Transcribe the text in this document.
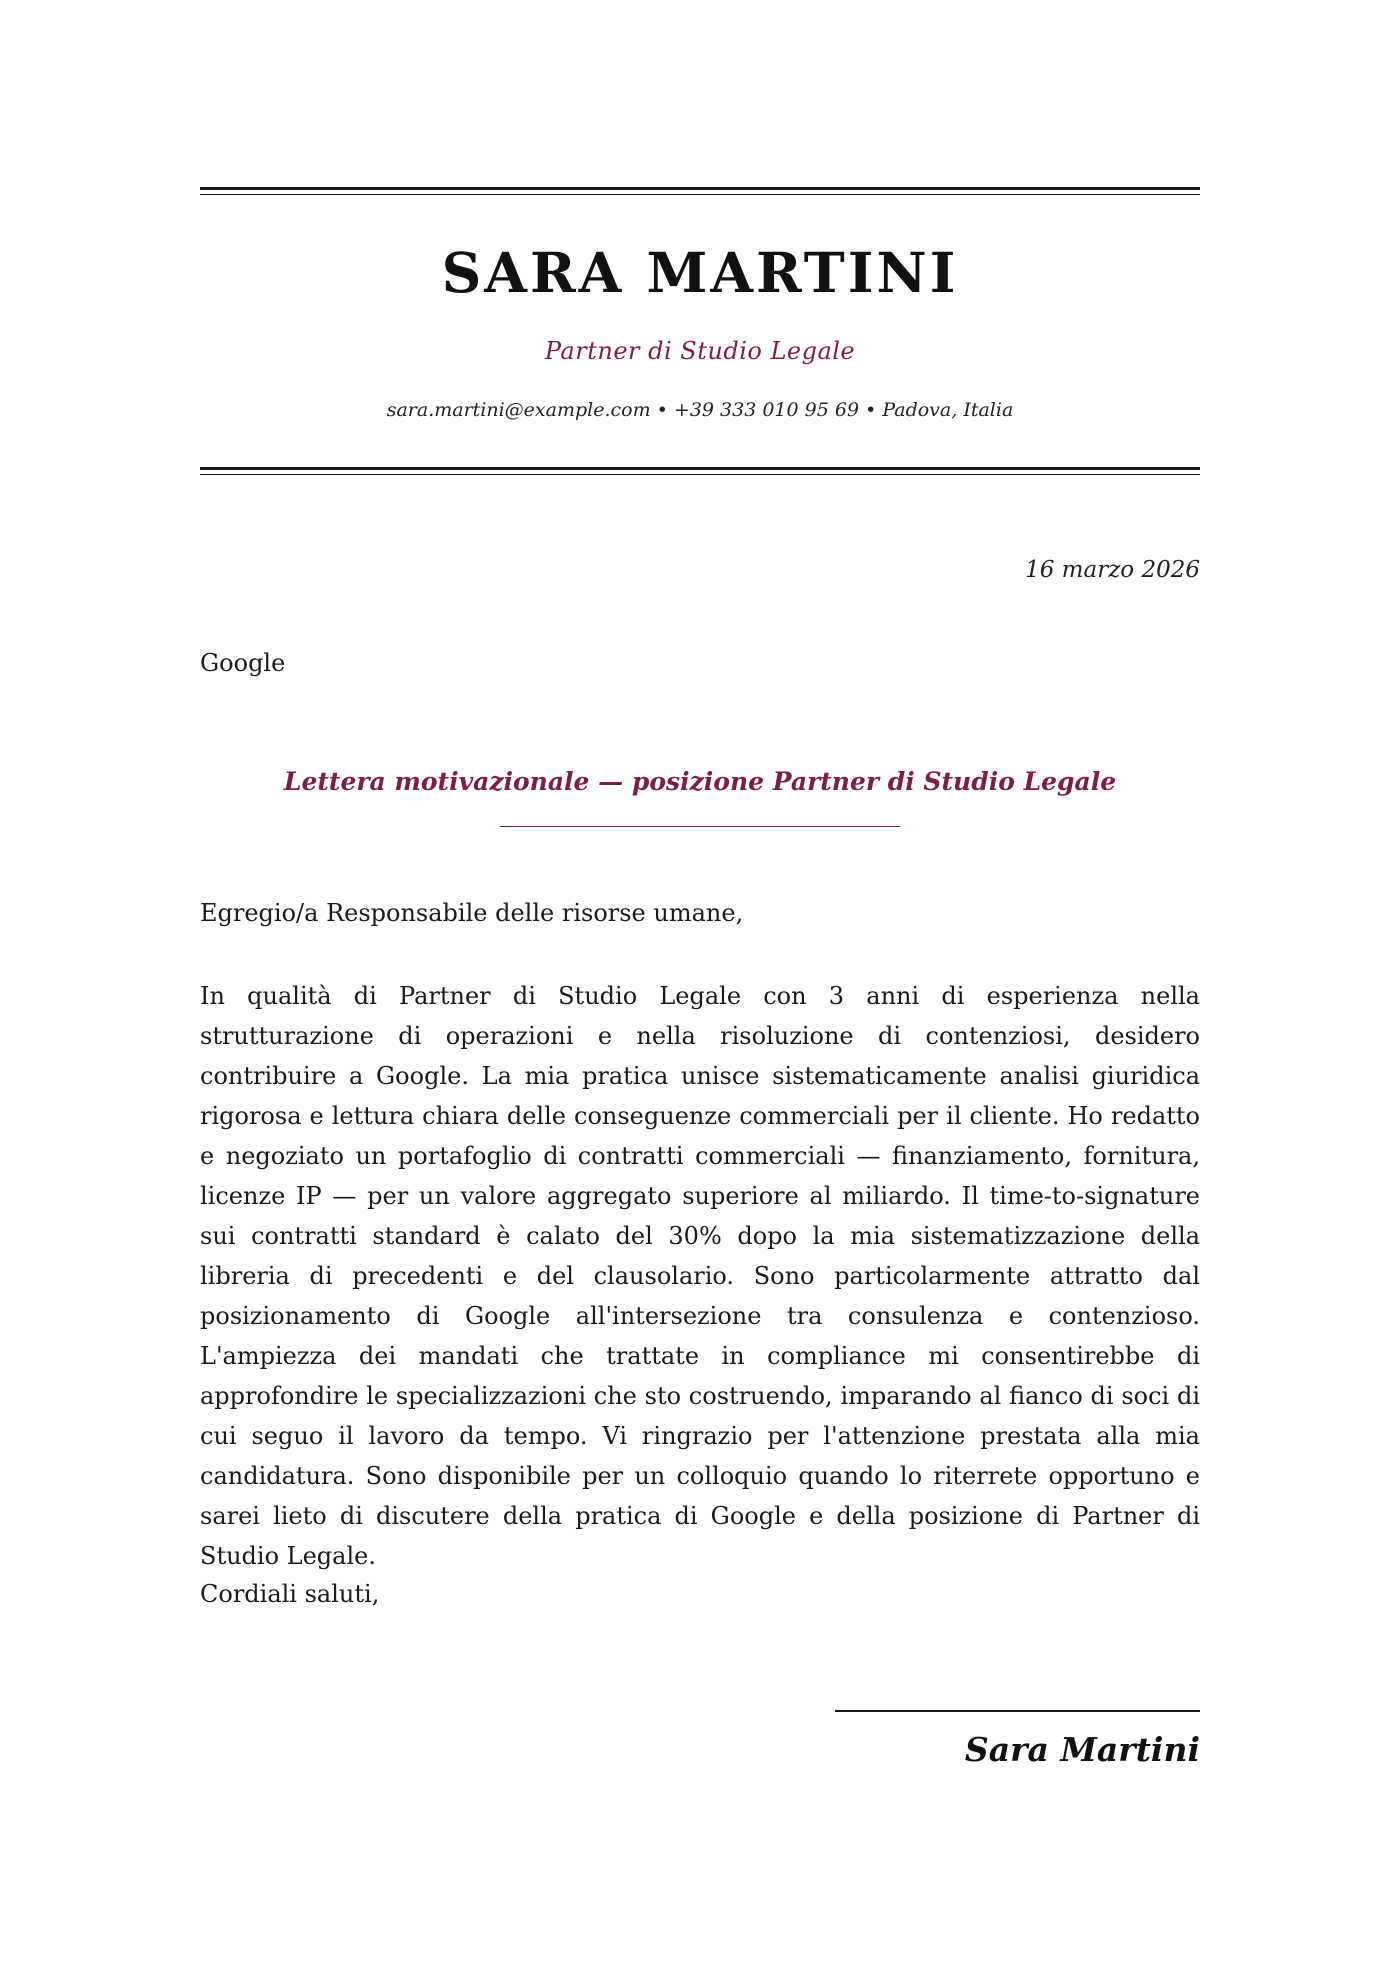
SARA MARTINI
Partner di Studio Legale
sara.martini@example.com • +39 333 010 95 69 • Padova, Italia
16 marzo 2026
Google
Lettera motivazionale — posizione Partner di Studio Legale
Egregio/a Responsabile delle risorse umane,

In qualità di Partner di Studio Legale con 3 anni di esperienza nella strutturazione di operazioni e nella risoluzione di contenziosi, desidero contribuire a Google. La mia pratica unisce sistematicamente analisi giuridica rigorosa e lettura chiara delle conseguenze commerciali per il cliente. Ho redatto e negoziato un portafoglio di contratti commerciali — finanziamento, fornitura, licenze IP — per un valore aggregato superiore al miliardo. Il time-to-signature sui contratti standard è calato del 30% dopo la mia sistematizzazione della libreria di precedenti e del clausolario. Sono particolarmente attratto dal posizionamento di Google all'intersezione tra consulenza e contenzioso. L'ampiezza dei mandati che trattate in compliance mi consentirebbe di approfondire le specializzazioni che sto costruendo, imparando al fianco di soci di cui seguo il lavoro da tempo. Vi ringrazio per l'attenzione prestata alla mia candidatura. Sono disponibile per un colloquio quando lo riterrete opportuno e sarei lieto di discutere della pratica di Google e della posizione di Partner di Studio Legale.

Cordiali saluti,
Sara Martini
